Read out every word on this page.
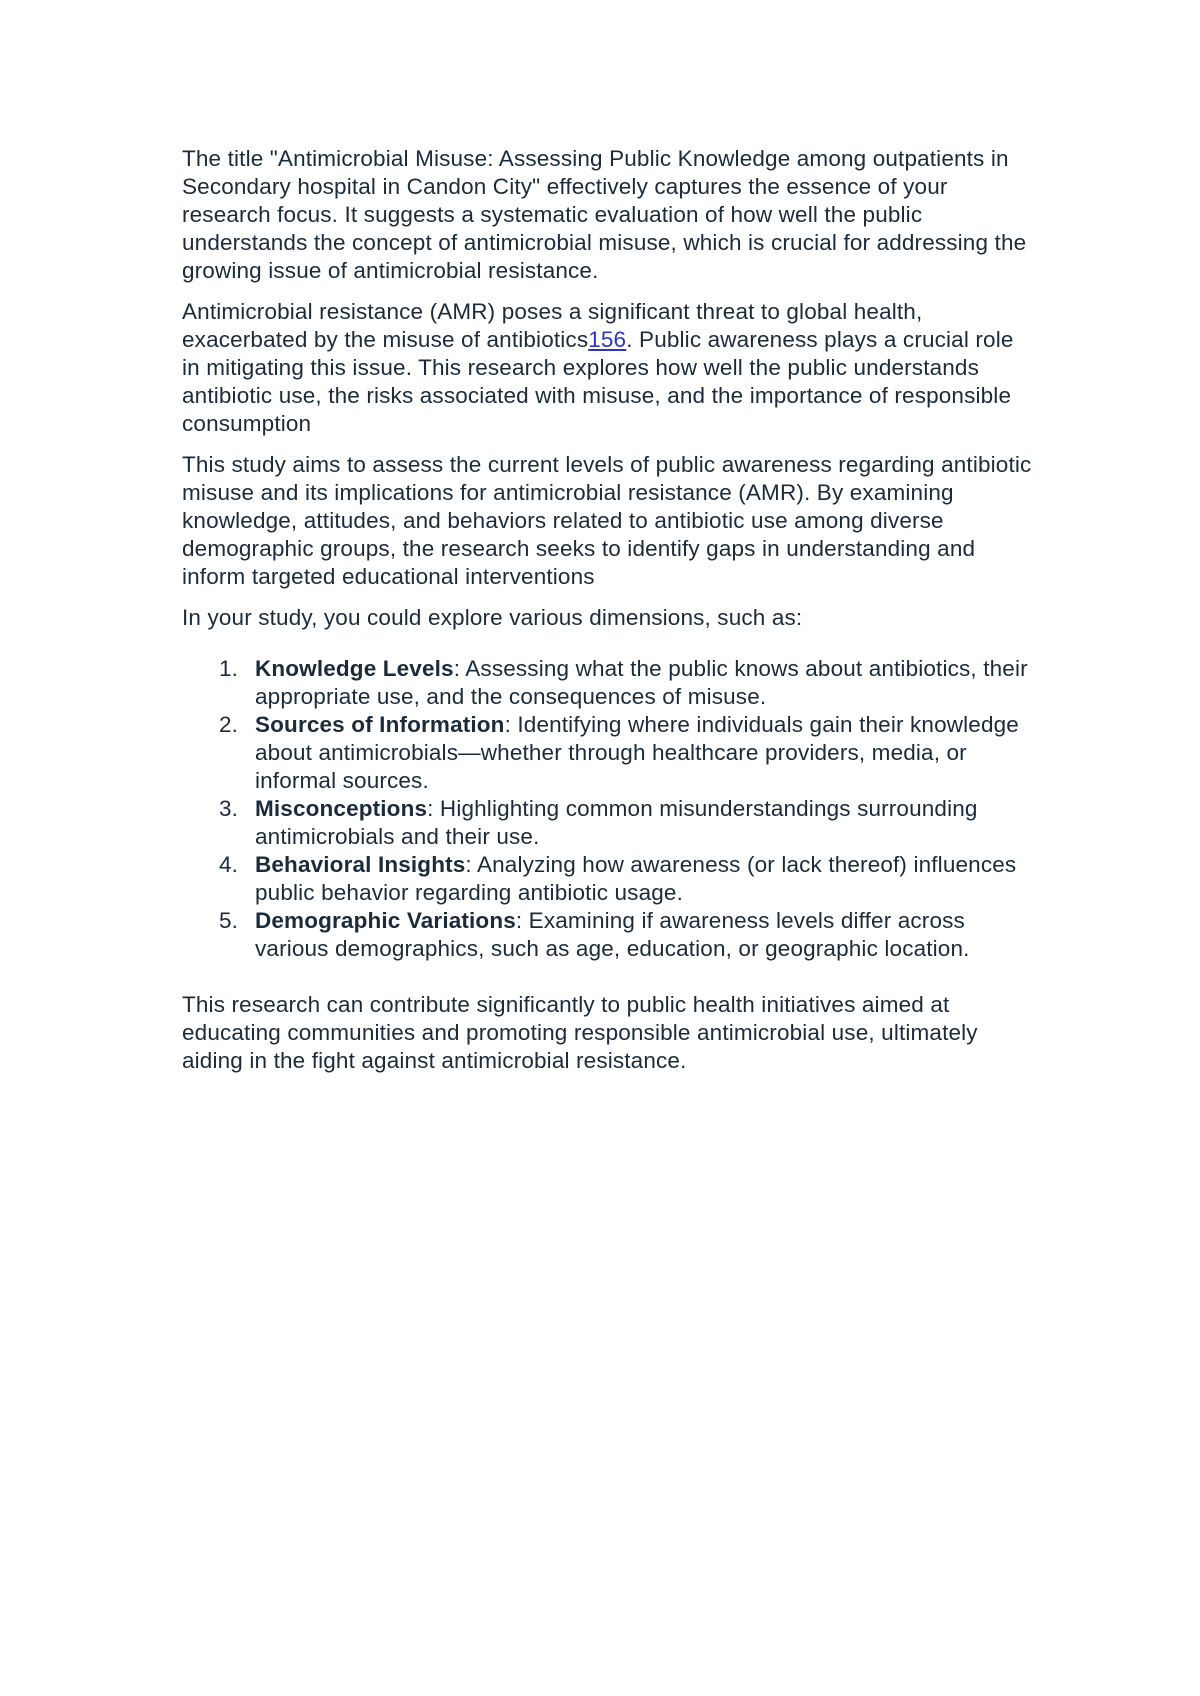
The title "Antimicrobial Misuse: Assessing Public Knowledge among outpatients in Secondary hospital in Candon City" effectively captures the essence of your research focus. It suggests a systematic evaluation of how well the public understands the concept of antimicrobial misuse, which is crucial for addressing the growing issue of antimicrobial resistance.

Antimicrobial resistance (AMR) poses a significant threat to global health, exacerbated by the misuse of antibiotics156. Public awareness plays a crucial role in mitigating this issue. This research explores how well the public understands antibiotic use, the risks associated with misuse, and the importance of responsible consumption

This study aims to assess the current levels of public awareness regarding antibiotic misuse and its implications for antimicrobial resistance (AMR). By examining knowledge, attitudes, and behaviors related to antibiotic use among diverse demographic groups, the research seeks to identify gaps in understanding and inform targeted educational interventions

In your study, you could explore various dimensions, such as:

1. Knowledge Levels: Assessing what the public knows about antibiotics, their appropriate use, and the consequences of misuse.
2. Sources of Information: Identifying where individuals gain their knowledge about antimicrobials—whether through healthcare providers, media, or informal sources.
3. Misconceptions: Highlighting common misunderstandings surrounding antimicrobials and their use.
4. Behavioral Insights: Analyzing how awareness (or lack thereof) influences public behavior regarding antibiotic usage.
5. Demographic Variations: Examining if awareness levels differ across various demographics, such as age, education, or geographic location.

This research can contribute significantly to public health initiatives aimed at educating communities and promoting responsible antimicrobial use, ultimately aiding in the fight against antimicrobial resistance.
